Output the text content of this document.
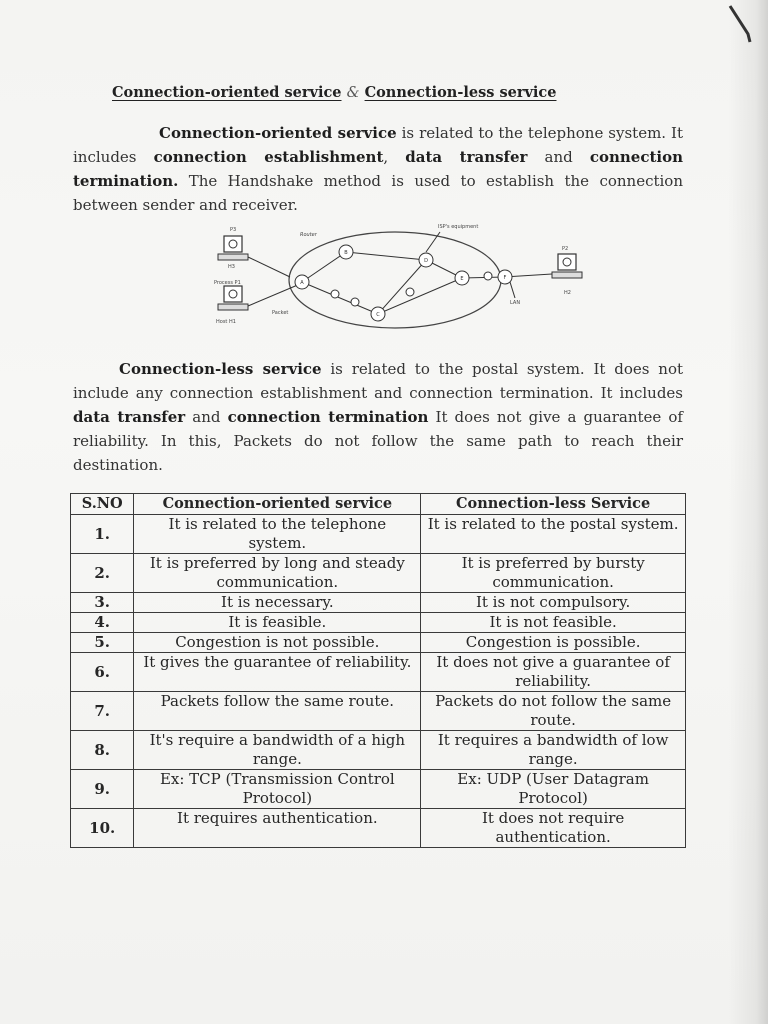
Connection-oriented service & Connection-less service
Connection-oriented service is related to the telephone system. It includes connection establishment, data transfer and connection termination. The Handshake method is used to establish the connection between sender and receiver.
P3
H3
Process P1
Host H1
P2
H2
Router
ISP's equipment
Packet
LAN
A
B
C
D
E	F
Connection-less service is related to the postal system. It does not include any connection establishment and connection termination. It includes data transfer and connection termination It does not give a guarantee of reliability. In this, Packets do not follow the same path to reach their destination.
S.NO	Connection-oriented service	Connection-less Service
1.	It is related to the telephone system.	It is related to the postal system.
2.	It is preferred by long and steady communication.	It is preferred by bursty communication.
3.	It is necessary.	It is not compulsory.
4.	It is feasible.	It is not feasible.
5.	Congestion is not possible.	Congestion is possible.
6.	It gives the guarantee of reliability.	It does not give a guarantee of reliability.
7.	Packets follow the same route.	Packets do not follow the same route.
8.	It's require a bandwidth of a high range.	It requires a bandwidth of low range.
9.	Ex: TCP (Transmission Control Protocol)	Ex: UDP (User Datagram Protocol)
10.	It requires authentication.	It does not require authentication.
